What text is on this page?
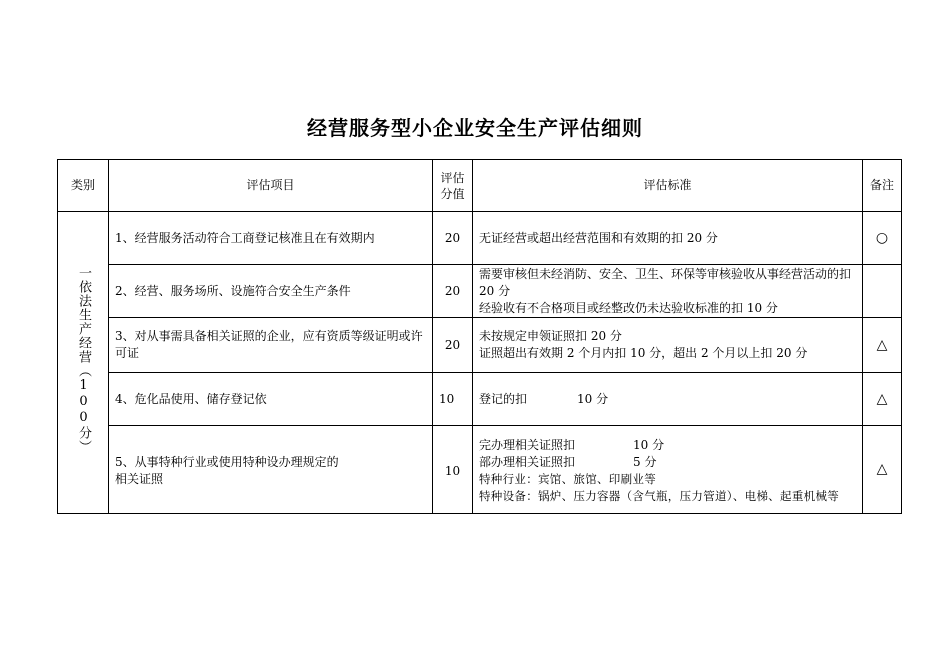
经营服务型小企业安全生产评估细则
类别	评估项目	评估分值	评估标准	备注
一依法生产经营（100分）	1、经营服务活动符合工商登记核准且在有效期内	20	无证经营或超出经营范围和有效期的扣 20 分	○
	2、经营、服务场所、设施符合安全生产条件	20	需要审核但未经消防、安全、卫生、环保等审核验收从事经营活动的扣 20 分
经验收有不合格项目或经整改仍未达验收标准的扣 10 分	

	3、对从事需具备相关证照的企业，应有资质等级证明或许可证	20	未按规定申领证照扣 20 分
证照超出有效期 2 个月内扣 10 分，超出 2 个月以上扣 20 分	△
	4、危化品使用、储存登记依	10	登记的扣 10 分	△

	5、从事特种行业或使用特种设办理规定的
相关证照	10	完办理相关证照扣 10 分
部办理相关证照扣 5 分
特种行业：宾馆、旅馆、印刷业等
特种设备：锅炉、压力容器（含气瓶，压力管道）、电梯、起重机械等	△
